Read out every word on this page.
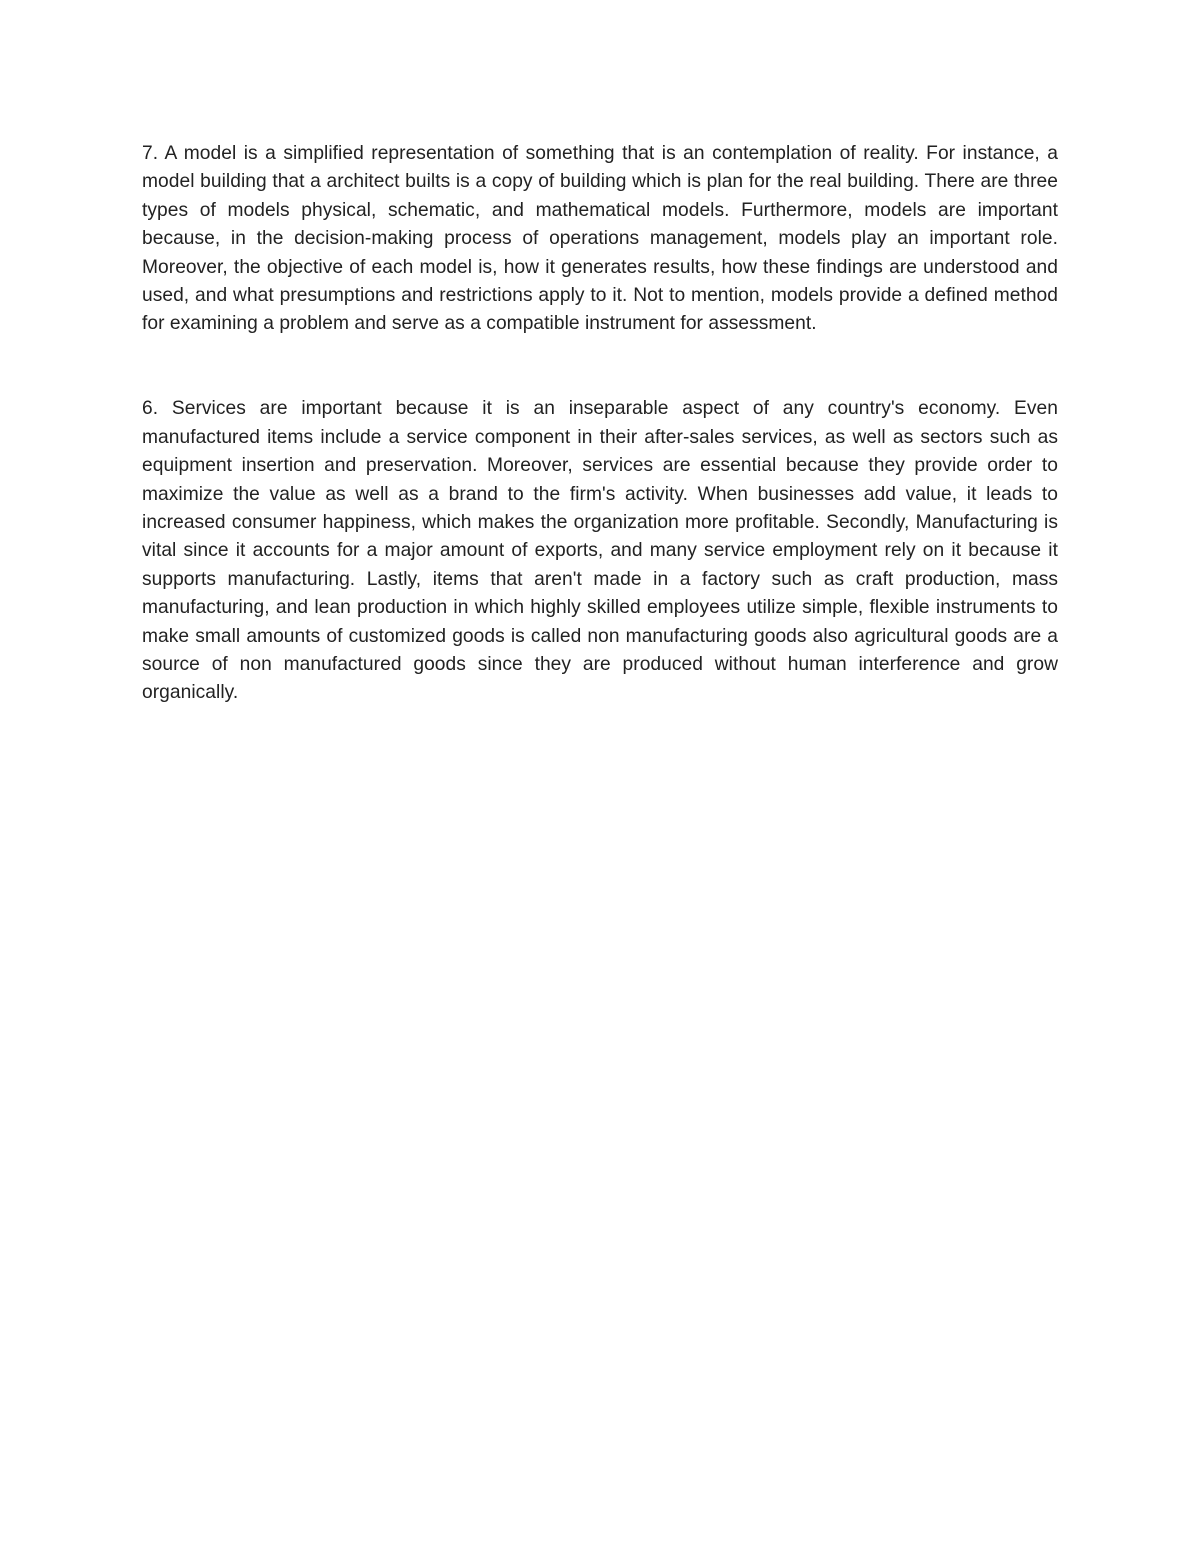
7. A model is a simplified representation of something that is an contemplation of reality. For instance, a model building that a architect builts is a copy of building which is plan for the real building. There are three types of models physical, schematic, and mathematical models. Furthermore, models are important because, in the decision-making process of operations management, models play an important role. Moreover, the objective of each model is, how it generates results, how these findings are understood and used, and what presumptions and restrictions apply to it. Not to mention, models provide a defined method for examining a problem and serve as a compatible instrument for assessment.

6. Services are important because it is an inseparable aspect of any country's economy. Even manufactured items include a service component in their after-sales services, as well as sectors such as equipment insertion and preservation. Moreover, services are essential because they provide order to maximize the value as well as a brand to the firm's activity. When businesses add value, it leads to increased consumer happiness, which makes the organization more profitable. Secondly, Manufacturing is vital since it accounts for a major amount of exports, and many service employment rely on it because it supports manufacturing. Lastly, items that aren't made in a factory such as craft production, mass manufacturing, and lean production in which highly skilled employees utilize simple, flexible instruments to make small amounts of customized goods is called non manufacturing goods also agricultural goods are a source of non manufactured goods since they are produced without human interference and grow organically.
